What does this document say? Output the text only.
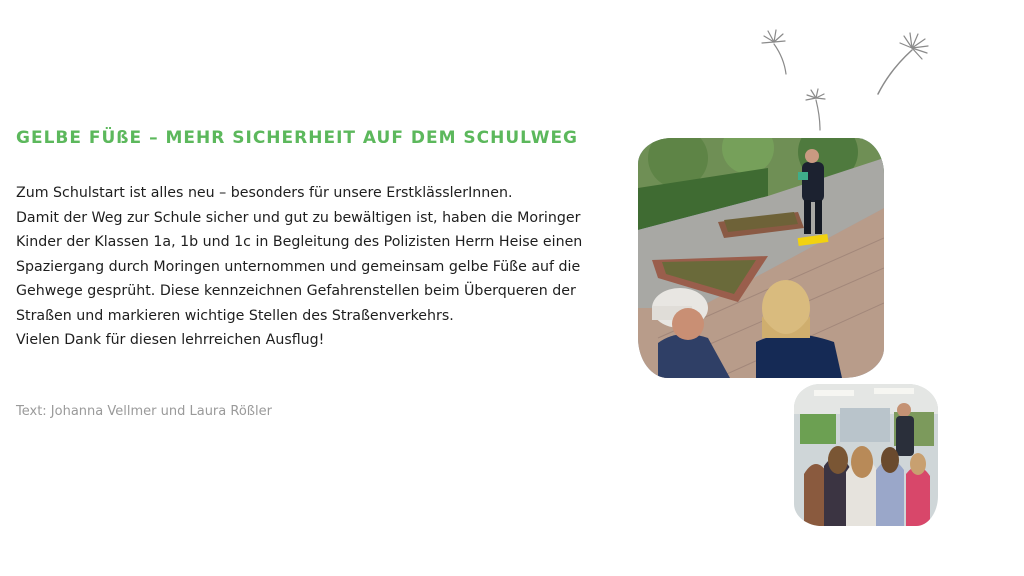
GELBE FÜßE – MEHR SICHERHEIT AUF DEM SCHULWEG

Zum Schulstart ist alles neu – besonders für unsere ErstklässlerInnen.

Damit der Weg zur Schule sicher und gut zu bewältigen ist, haben die Moringer

Kinder der Klassen 1a, 1b und 1c in Begleitung des Polizisten Herrn Heise einen

Spaziergang durch Moringen unternommen und gemeinsam gelbe Füße auf die

Gehwege gesprüht. Diese kennzeichnen Gefahrenstellen beim Überqueren der

Straßen und markieren wichtige Stellen des Straßenverkehrs.

Vielen Dank für diesen lehrreichen Ausflug!

Text: Johanna Vellmer und Laura Rößler
